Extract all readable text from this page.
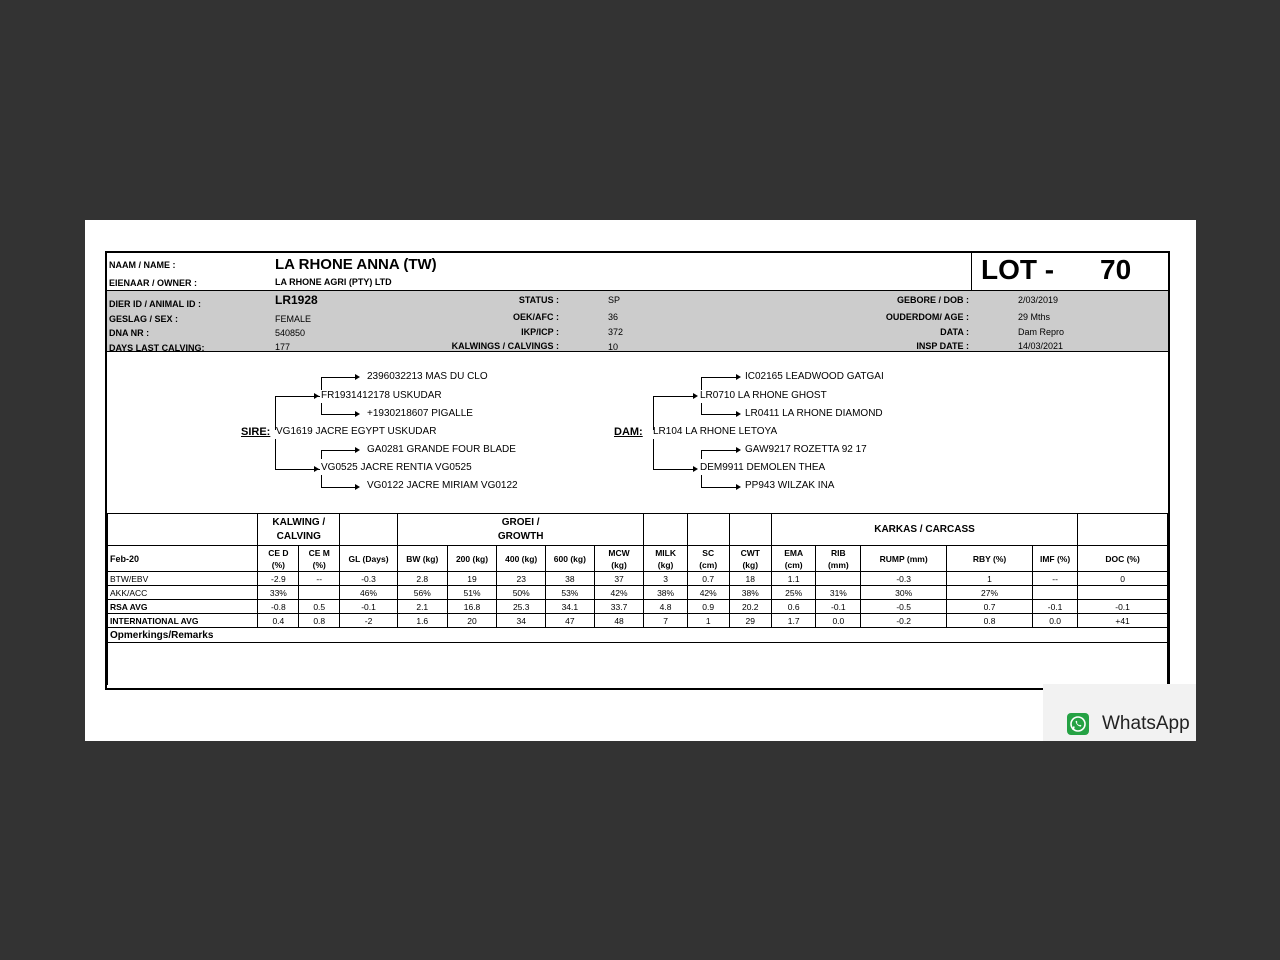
NAAM / NAME :	LA RHONE ANNA (TW)
EIENAAR / OWNER :	LA RHONE AGRI (PTY) LTD	LOT - 70
DIER ID / ANIMAL ID :	LR1928
GESLAG / SEX :	FEMALE
DNA NR :	540850
DAYS LAST CALVING:	177
STATUS :	SP
OEK/AFC :	36
IKP/ICP :	372
KALWINGS / CALVINGS :	10
GEBORE / DOB :	2/03/2019
OUDERDOM/ AGE :	29 Mths
DATA :	Dam Repro
INSP DATE :	14/03/2021
SIRE: VG1619 JACRE EGYPT USKUDAR
FR1931412178 USKUDAR
2396032213 MAS DU CLO
+1930218607 PIGALLE
VG0525 JACRE RENTIA VG0525
GA0281 GRANDE FOUR BLADE
VG0122 JACRE MIRIAM VG0122
DAM: LR104 LA RHONE LETOYA
LR0710 LA RHONE GHOST
IC02165 LEADWOOD GATGAI
LR0411 LA RHONE DIAMOND
DEM9911 DEMOLEN THEA
GAW9217 ROZETTA 92 17
PP943 WILZAK INA
	KALWING / CALVING			GROEI / GROWTH								KARKAS / CARCASS					
Feb-20	CE D (%)	CE M (%)	GL (Days)	BW (kg)	200 (kg)	400 (kg)	600 (kg)	MCW (kg)	MILK (kg)	SC (cm)	CWT (kg)	EMA (cm)	RIB (mm)	RUMP (mm)	RBY (%)	IMF (%)	DOC (%)

BTW/EBV	-2.9	--	-0.3	2.8	19	23	38	37	3	0.7	18	1.1		-0.3	1	--	0
AKK/ACC	33%		46%	56%	51%	50%	53%	42%	38%	42%	38%	25%	31%	30%	27%		
RSA AVG	-0.8	0.5	-0.1	2.1	16.8	25.3	34.1	33.7	4.8	0.9	20.2	0.6	-0.1	-0.5	0.7	-0.1	-0.1
INTERNATIONAL AVG	0.4	0.8	-2	1.6	20	34	47	48	7	1	29	1.7	0.0	-0.2	0.8	0.0	+41
Opmerkings/Remarks																	

WhatsApp
